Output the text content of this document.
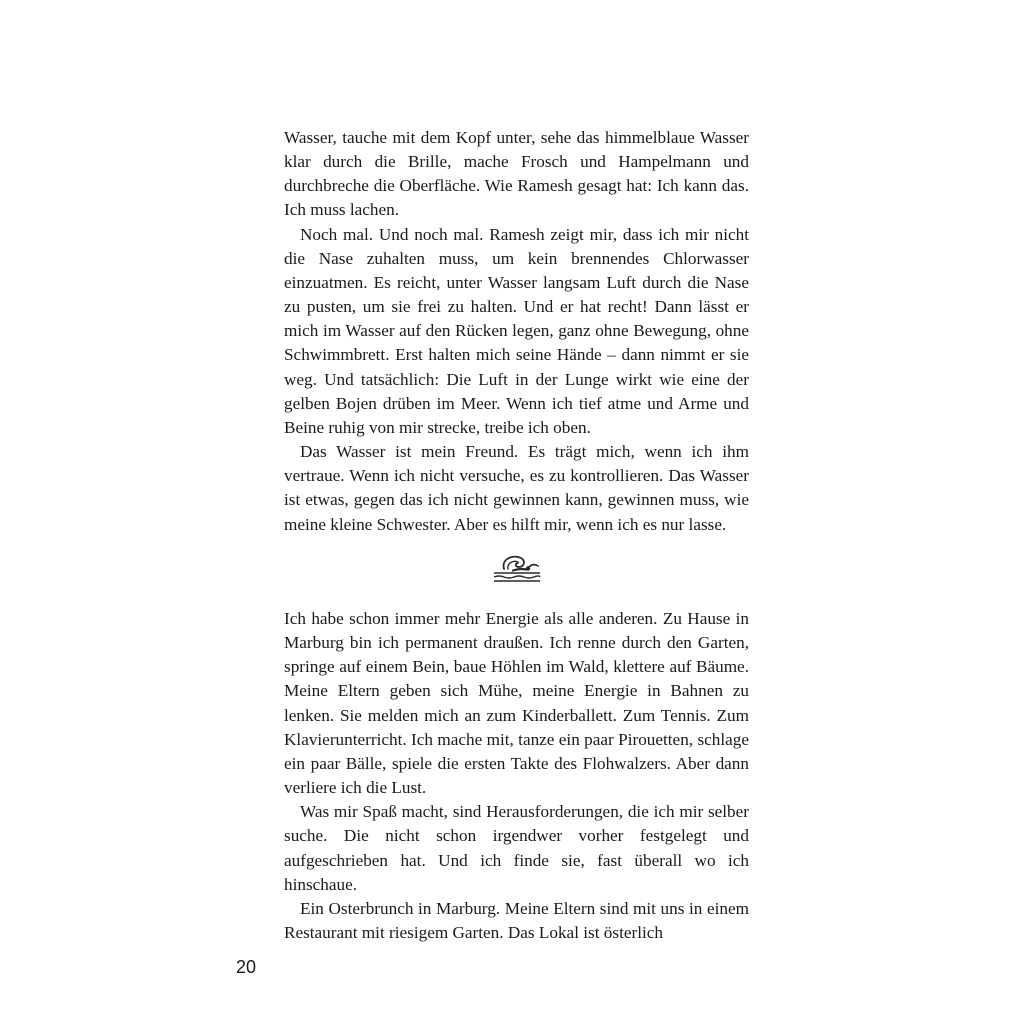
Wasser, tauche mit dem Kopf unter, sehe das himmelblaue Wasser klar durch die Brille, mache Frosch und Hampelmann und durchbreche die Oberfläche. Wie Ramesh gesagt hat: Ich kann das. Ich muss lachen.

Noch mal. Und noch mal. Ramesh zeigt mir, dass ich mir nicht die Nase zuhalten muss, um kein brennendes Chlorwasser einzuatmen. Es reicht, unter Wasser langsam Luft durch die Nase zu pusten, um sie frei zu halten. Und er hat recht! Dann lässt er mich im Wasser auf den Rücken legen, ganz ohne Bewegung, ohne Schwimmbrett. Erst halten mich seine Hände – dann nimmt er sie weg. Und tatsächlich: Die Luft in der Lunge wirkt wie eine der gelben Bojen drüben im Meer. Wenn ich tief atme und Arme und Beine ruhig von mir strecke, treibe ich oben.

Das Wasser ist mein Freund. Es trägt mich, wenn ich ihm vertraue. Wenn ich nicht versuche, es zu kontrollieren. Das Wasser ist etwas, gegen das ich nicht gewinnen kann, gewinnen muss, wie meine kleine Schwester. Aber es hilft mir, wenn ich es nur lasse.

Ich habe schon immer mehr Energie als alle anderen. Zu Hause in Marburg bin ich permanent draußen. Ich renne durch den Garten, springe auf einem Bein, baue Höhlen im Wald, klettere auf Bäume. Meine Eltern geben sich Mühe, meine Energie in Bahnen zu lenken. Sie melden mich an zum Kinderballett. Zum Tennis. Zum Klavierunterricht. Ich mache mit, tanze ein paar Pirouetten, schlage ein paar Bälle, spiele die ersten Takte des Flohwalzers. Aber dann verliere ich die Lust.

Was mir Spaß macht, sind Herausforderungen, die ich mir selber suche. Die nicht schon irgendwer vorher festgelegt und aufgeschrieben hat. Und ich finde sie, fast überall wo ich hinschaue.

Ein Osterbrunch in Marburg. Meine Eltern sind mit uns in einem Restaurant mit riesigem Garten. Das Lokal ist österlich

20
